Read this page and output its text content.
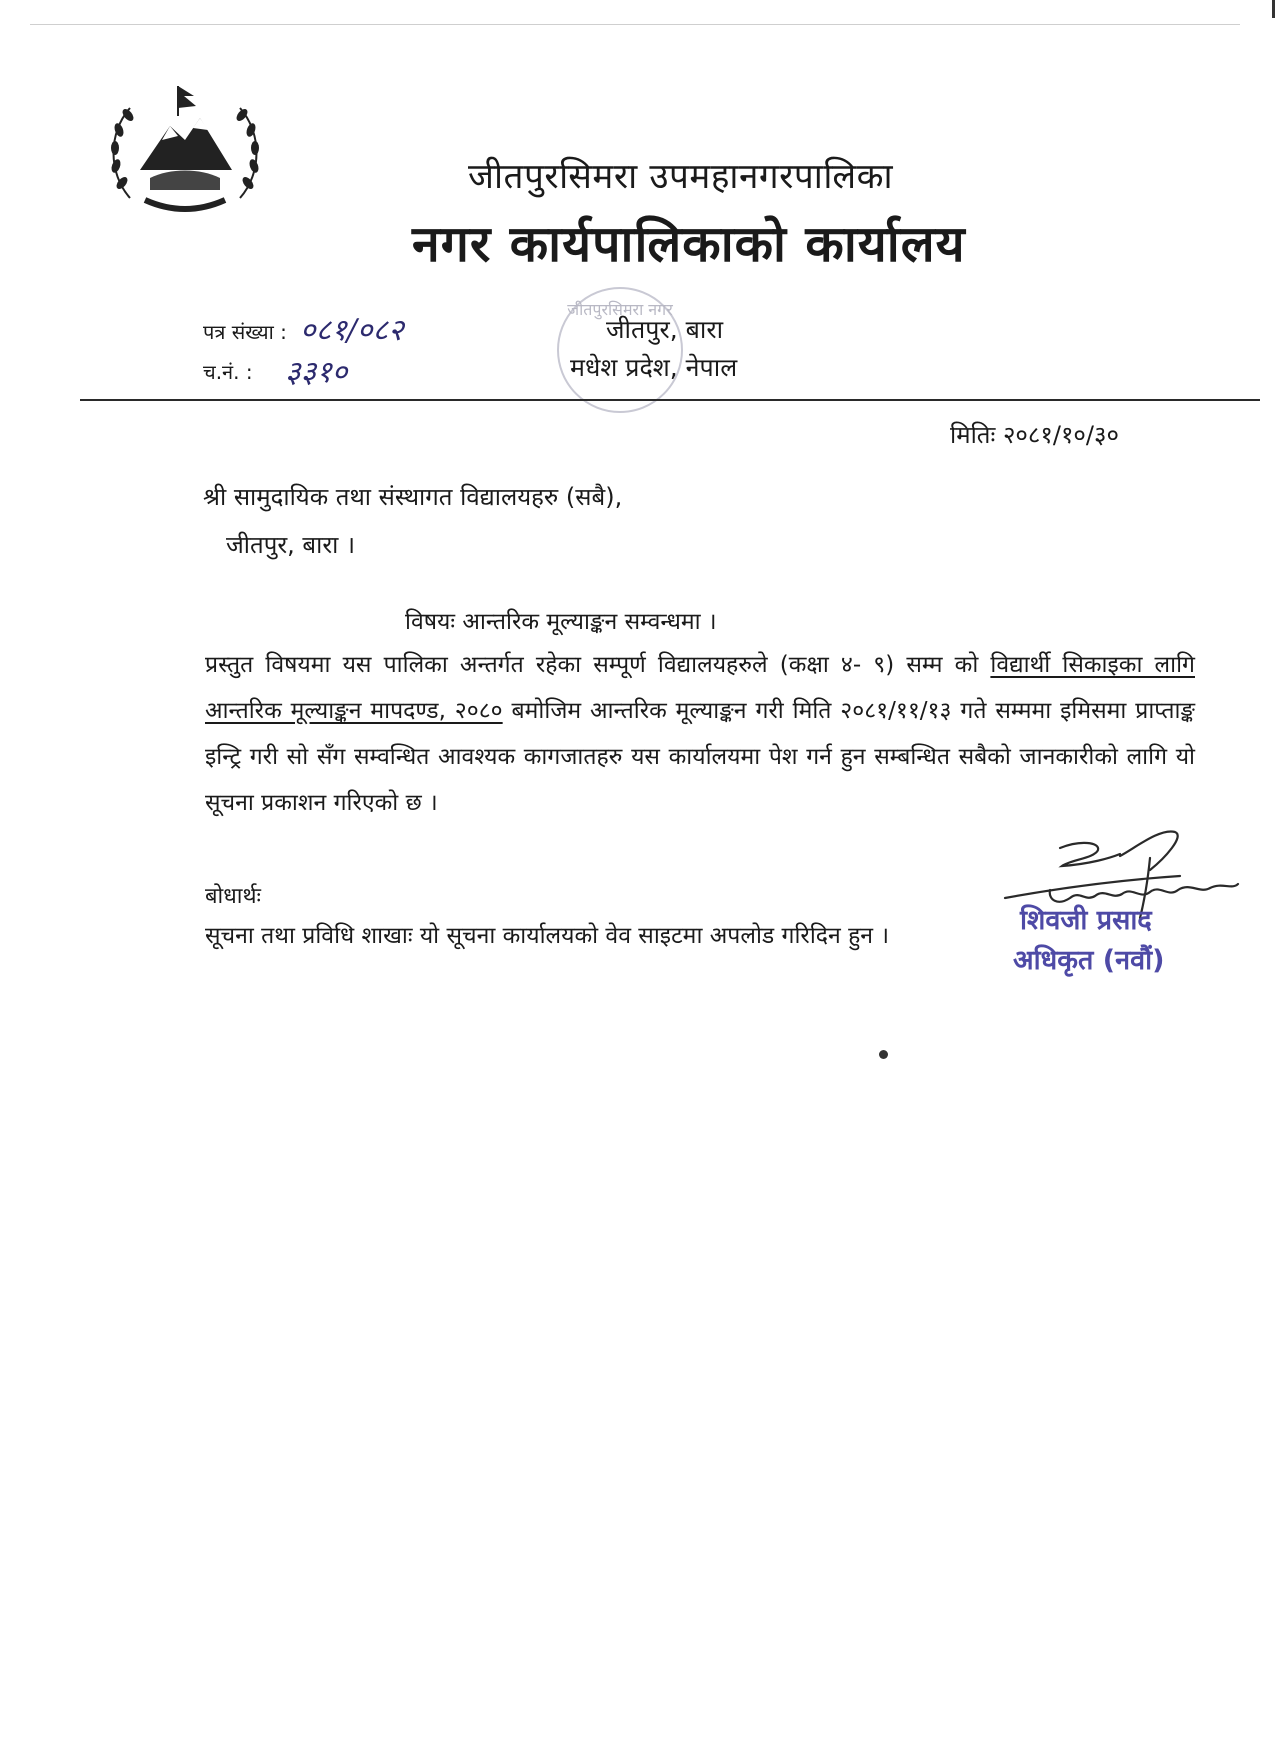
जीतपुरसिमरा उपमहानगरपालिका
नगर कार्यपालिकाको कार्यालय
जीतपुरसिमरा नगर
पत्र संख्या : ०८१/०८२
च.नं. : ३३१०
जीतपुर, बारा
मधेश प्रदेश, नेपाल
मितिः २०८१/१०/३०
श्री सामुदायिक तथा संस्थागत विद्यालयहरु (सबै),
जीतपुर, बारा ।
विषयः आन्तरिक मूल्याङ्कन सम्वन्धमा ।
प्रस्तुत विषयमा यस पालिका अन्तर्गत रहेका सम्पूर्ण विद्यालयहरुले (कक्षा ४- ९) सम्म को विद्यार्थी सिकाइका लागि आन्तरिक मूल्याङ्कन मापदण्ड, २०८० बमोजिम आन्तरिक मूल्याङ्कन गरी मिति २०८१/११/१३ गते सम्ममा इमिसमा प्राप्ताङ्क इन्ट्रि गरी सो सँग सम्वन्धित आवश्यक कागजातहरु यस कार्यालयमा पेश गर्न हुन सम्बन्धित सबैको जानकारीको लागि यो सूचना प्रकाशन गरिएको छ ।
बोधार्थः
सूचना तथा प्रविधि शाखाः यो सूचना कार्यालयको वेव साइटमा अपलोड गरिदिन हुन ।	शिवजी प्रसाद
अधिकृत (नवौं)
